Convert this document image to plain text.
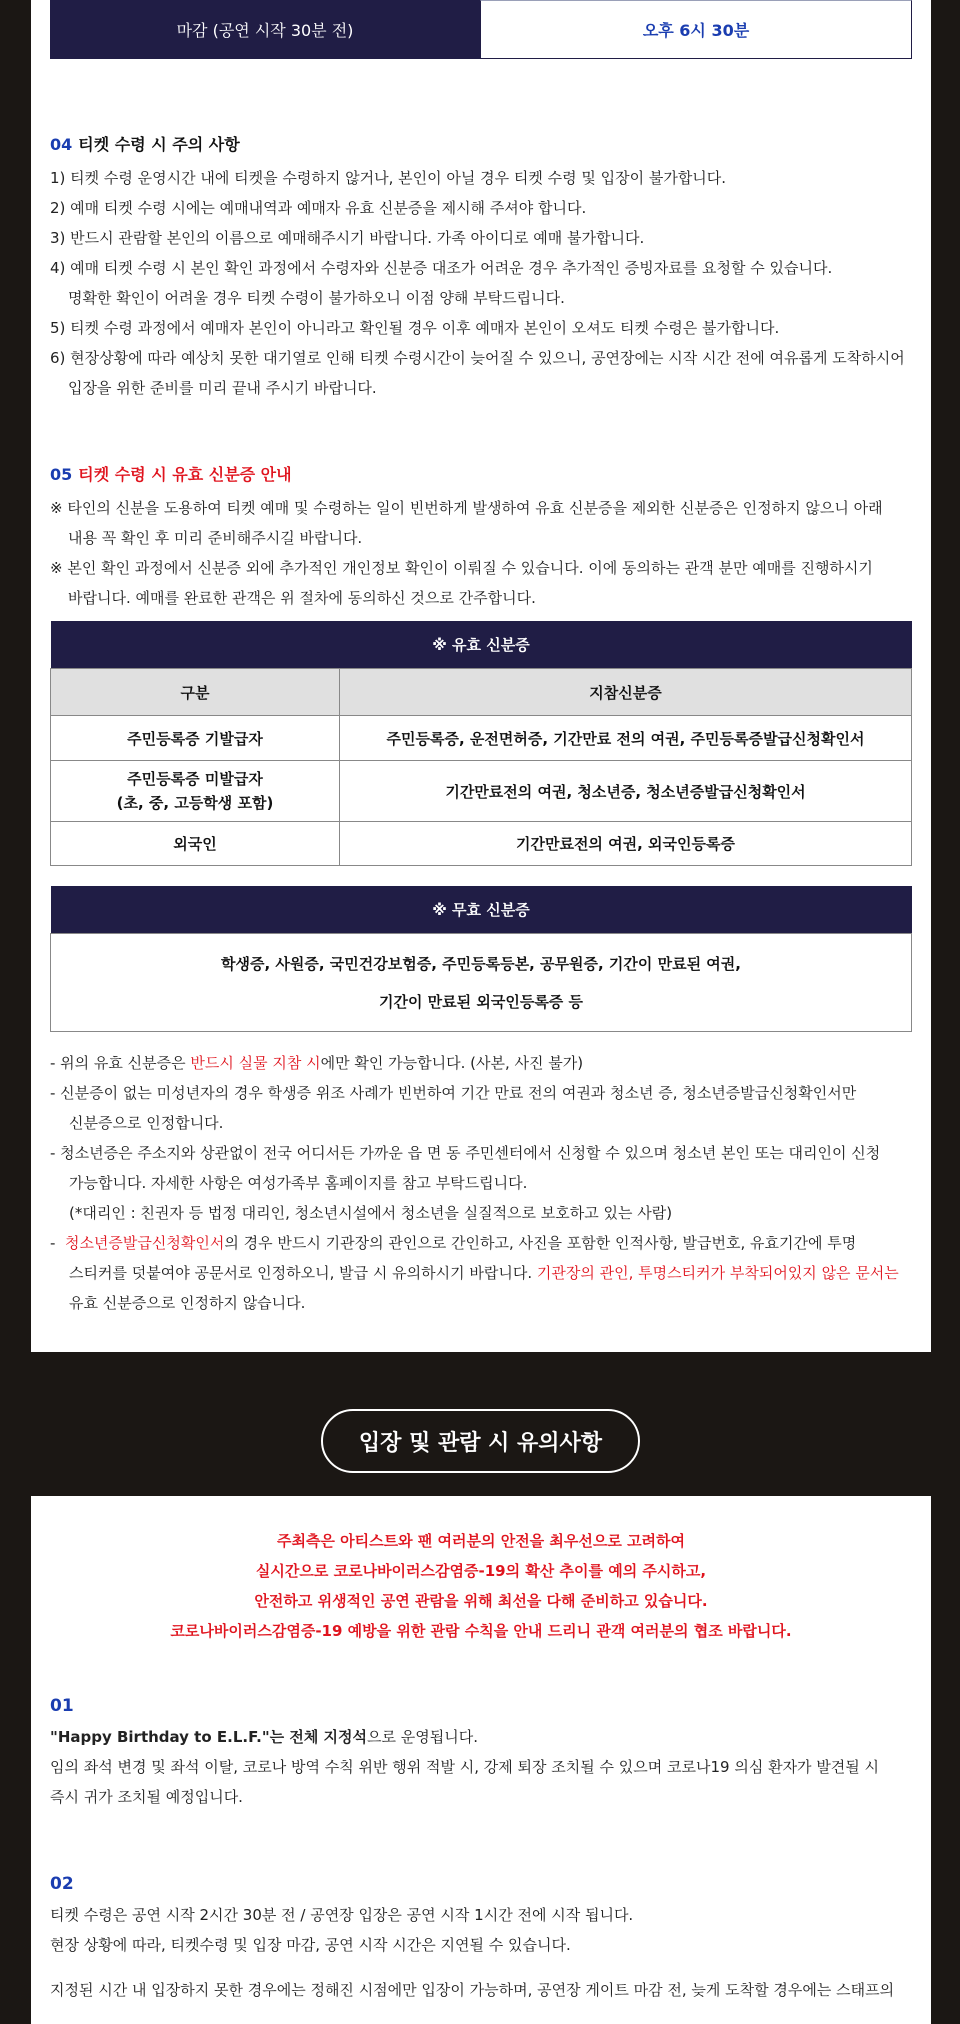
마감 (공연 시작 30분 전)	오후 6시 30분
04 티켓 수령 시 주의 사항
1) 티켓 수령 운영시간 내에 티켓을 수령하지 않거나, 본인이 아닐 경우 티켓 수령 및 입장이 불가합니다.
2) 예매 티켓 수령 시에는 예매내역과 예매자 유효 신분증을 제시해 주셔야 합니다.
3) 반드시 관람할 본인의 이름으로 예매해주시기 바랍니다. 가족 아이디로 예매 불가합니다.
4) 예매 티켓 수령 시 본인 확인 과정에서 수령자와 신분증 대조가 어려운 경우 추가적인 증빙자료를 요청할 수 있습니다.
명확한 확인이 어려울 경우 티켓 수령이 불가하오니 이점 양해 부탁드립니다.
5) 티켓 수령 과정에서 예매자 본인이 아니라고 확인될 경우 이후 예매자 본인이 오셔도 티켓 수령은 불가합니다.
6) 현장상황에 따라 예상치 못한 대기열로 인해 티켓 수령시간이 늦어질 수 있으니, 공연장에는 시작 시간 전에 여유롭게 도착하시어
입장을 위한 준비를 미리 끝내 주시기 바랍니다.
05 티켓 수령 시 유효 신분증 안내
※ 타인의 신분을 도용하여 티켓 예매 및 수령하는 일이 빈번하게 발생하여 유효 신분증을 제외한 신분증은 인정하지 않으니 아래
내용 꼭 확인 후 미리 준비해주시길 바랍니다.
※ 본인 확인 과정에서 신분증 외에 추가적인 개인정보 확인이 이뤄질 수 있습니다. 이에 동의하는 관객 분만 예매를 진행하시기
바랍니다. 예매를 완료한 관객은 위 절차에 동의하신 것으로 간주합니다.
※ 유효 신분증	
구분	지참신분증
주민등록증 기발급자	주민등록증, 운전면허증, 기간만료 전의 여권, 주민등록증발급신청확인서
주민등록증 미발급자
(초, 중, 고등학생 포함)	기간만료전의 여권, 청소년증, 청소년증발급신청확인서
외국인	기간만료전의 여권, 외국인등록증
※ 무효 신분증

학생증, 사원증, 국민건강보험증, 주민등록등본, 공무원증, 기간이 만료된 여권,
기간이 만료된 외국인등록증 등
- 위의 유효 신분증은 반드시 실물 지참 시에만 확인 가능합니다. (사본, 사진 불가)
- 신분증이 없는 미성년자의 경우 학생증 위조 사례가 빈번하여 기간 만료 전의 여권과 청소년 증, 청소년증발급신청확인서만
신분증으로 인정합니다.
- 청소년증은 주소지와 상관없이 전국 어디서든 가까운 읍 면 동 주민센터에서 신청할 수 있으며 청소년 본인 또는 대리인이 신청
가능합니다. 자세한 사항은 여성가족부 홈페이지를 참고 부탁드립니다.
(*대리인 : 친권자 등 법정 대리인, 청소년시설에서 청소년을 실질적으로 보호하고 있는 사람)
-  청소년증발급신청확인서의 경우 반드시 기관장의 관인으로 간인하고, 사진을 포함한 인적사항, 발급번호, 유효기간에 투명
스티커를 덧붙여야 공문서로 인정하오니, 발급 시 유의하시기 바랍니다. 기관장의 관인, 투명스티커가 부착되어있지 않은 문서는
유효 신분증으로 인정하지 않습니다.
입장 및 관람 시 유의사항
주최측은 아티스트와 팬 여러분의 안전을 최우선으로 고려하여
실시간으로 코로나바이러스감염증-19의 확산 추이를 예의 주시하고,
안전하고 위생적인 공연 관람을 위해 최선을 다해 준비하고 있습니다.
코로나바이러스감염증-19 예방을 위한 관람 수칙을 안내 드리니 관객 여러분의 협조 바랍니다.
01
"Happy Birthday to E.L.F."는 전체 지정석으로 운영됩니다.
임의 좌석 변경 및 좌석 이탈, 코로나 방역 수칙 위반 행위 적발 시, 강제 퇴장 조치될 수 있으며 코로나19 의심 환자가 발견될 시
즉시 귀가 조치될 예정입니다.
02
티켓 수령은 공연 시작 2시간 30분 전 / 공연장 입장은 공연 시작 1시간 전에 시작 됩니다.
현장 상황에 따라, 티켓수령 및 입장 마감, 공연 시작 시간은 지연될 수 있습니다.
지정된 시간 내 입장하지 못한 경우에는 정해진 시점에만 입장이 가능하며, 공연장 게이트 마감 전, 늦게 도착할 경우에는 스태프의
